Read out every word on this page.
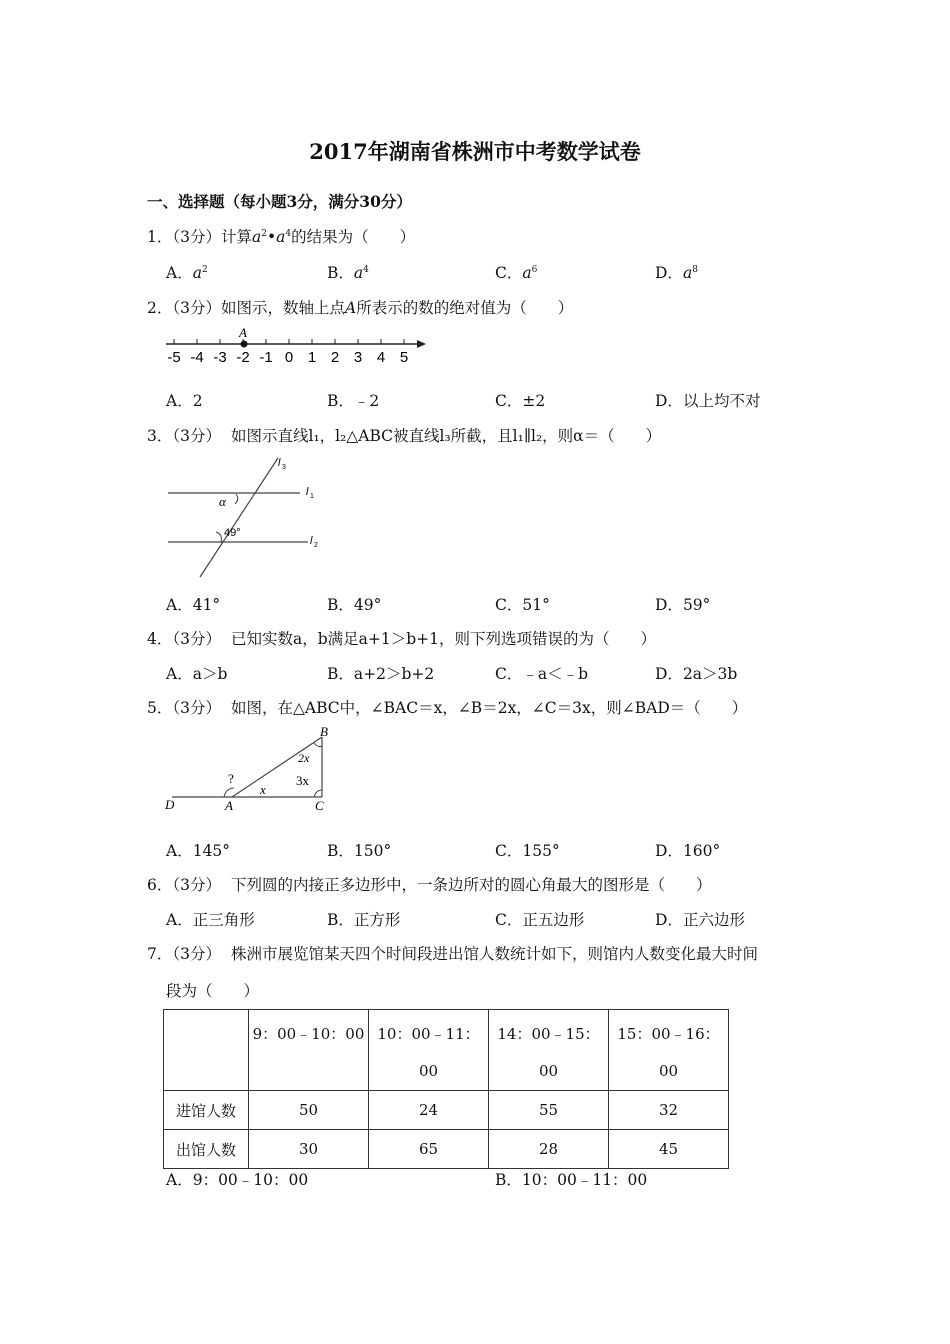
2017年湖南省株洲市中考数学试卷
一、选择题（每小题3分，满分30分）
1．（3分）计算$a^2•a^4$的结果为（　　）
A．$a^2$	B．$a^4$	C．$a^6$	D．$a^8$
2．（3分）如图示，数轴上点A所表示的数的绝对值为（　　）
-5 -4 -3 -2 -1 0 1 2 3 4 5
A
A．2	B．﹣2	C．±2	D．以上均不对
3．（3分） 如图示直线l₁，l₂△ABC被直线l₃所截，且l₁∥l₂，则α＝（　　）
l 3
l 1
l 2
α
49°
A．41°	B．49°	C．51°	D．59°
4．（3分） 已知实数a，b满足a+1＞b+1，则下列选项错误的为（　　）
A．a＞b	B．a+2＞b+2	C．﹣a＜﹣b	D．2a＞3b
5．（3分） 如图，在△ABC中，∠BAC＝x，∠B＝2x，∠C＝3x，则∠BAD＝（　　）
B
A	C
D
?
x
2x
3x
A．145°	B．150°	C．155°	D．160°
6．（3分） 下列圆的内接正多边形中，一条边所对的圆心角最大的图形是（　　）
A．正三角形	B．正方形	C．正五边形	D．正六边形
7．（3分） 株洲市展览馆某天四个时间段进出馆人数统计如下，则馆内人数变化最大时间
段为（　　）
	9：00﹣10：00	10：00﹣11：00	14：00﹣15：00	15：00﹣16：00
进馆人数	50	24	55	32
出馆人数	30	65	28	45
A．9：00﹣10：00	B．10：00﹣11：00
